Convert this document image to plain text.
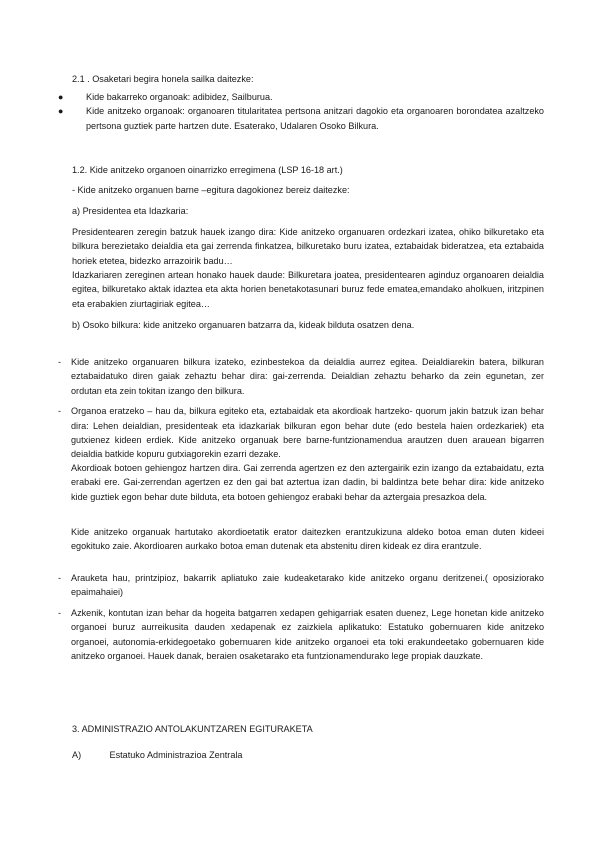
2.1 . Osaketari begira honela sailka daitezke:

● Kide bakarreko organoak: adibidez, Sailburua.
● Kide anitzeko organoak: organoaren titularitatea pertsona anitzari dagokio eta organoaren borondatea azaltzeko pertsona guztiek parte hartzen dute. Esaterako, Udalaren Osoko Bilkura.

1.2. Kide anitzeko organoen oinarrizko erregimena (LSP 16-18 art.)

- Kide anitzeko organuen barne –egitura dagokionez bereiz daitezke:

a) Presidentea eta Idazkaria:

Presidentearen zeregin batzuk hauek izango dira: Kide anitzeko organuaren ordezkari izatea, ohiko bilkuretako eta bilkura berezietako deialdia eta gai zerrenda finkatzea, bilkuretako buru izatea, eztabaidak bideratzea, eta eztabaida horiek etetea, bidezko arrazoirik badu…

Idazkariaren zereginen artean honako hauek daude: Bilkuretara joatea, presidentearen aginduz organoaren deialdia egitea, bilkuretako aktak idaztea eta akta horien benetakotasunari buruz fede ematea,emandako aholkuen, iritzpinen eta erabakien ziurtagiriak egitea…

b) Osoko bilkura: kide anitzeko organuaren batzarra da, kideak bilduta osatzen dena.

- Kide anitzeko organuaren bilkura izateko, ezinbestekoa da deialdia aurrez egitea. Deialdiarekin batera, bilkuran eztabaidatuko diren gaiak zehaztu behar dira: gai-zerrenda. Deialdian zehaztu beharko da zein egunetan, zer ordutan eta zein tokitan izango den bilkura.
- Organoa eratzeko – hau da, bilkura egiteko eta, eztabaidak eta akordioak hartzeko- quorum jakin batzuk izan behar dira: Lehen deialdian, presidenteak eta idazkariak bilkuran egon behar dute (edo bestela haien ordezkariek) eta gutxienez kideen erdiek. Kide anitzeko organuak bere barne-funtzionamendua arautzen duen arauean bigarren deialdia batkide kopuru gutxiagorekin ezarri dezake.

Akordioak botoen gehiengoz hartzen dira. Gai zerrenda agertzen ez den aztergairik ezin izango da eztabaidatu, ezta erabaki ere. Gai-zerrendan agertzen ez den gai bat aztertua izan dadin, bi baldintza bete behar dira: kide anitzeko kide guztiek egon behar dute bilduta, eta botoen gehiengoz erabaki behar da aztergaia presazkoa dela.

Kide anitzeko organuak hartutako akordioetatik erator daitezken erantzukizuna aldeko botoa eman duten kideei egokituko zaie. Akordioaren aurkako botoa eman dutenak eta abstenitu diren kideak ez dira erantzule.

- Arauketa hau, printzipioz, bakarrik apliatuko zaie kudeaketarako kide anitzeko organu deritzenei.( oposiziorako epaimahaiei)
- Azkenik, kontutan izan behar da hogeita batgarren xedapen gehigarriak esaten duenez, Lege honetan kide anitzeko organoei buruz aurreikusita dauden xedapenak ez zaizkiela aplikatuko: Estatuko gobernuaren kide anitzeko organoei, autonomia-erkidegoetako gobernuaren kide anitzeko organoei eta toki erakundeetako gobernuaren kide anitzeko organoei. Hauek danak, beraien osaketarako eta funtzionamendurako lege propiak dauzkate.

3. ADMINISTRAZIO ANTOLAKUNTZAREN EGITURAKETA

A)	Estatuko Administrazioa Zentrala
